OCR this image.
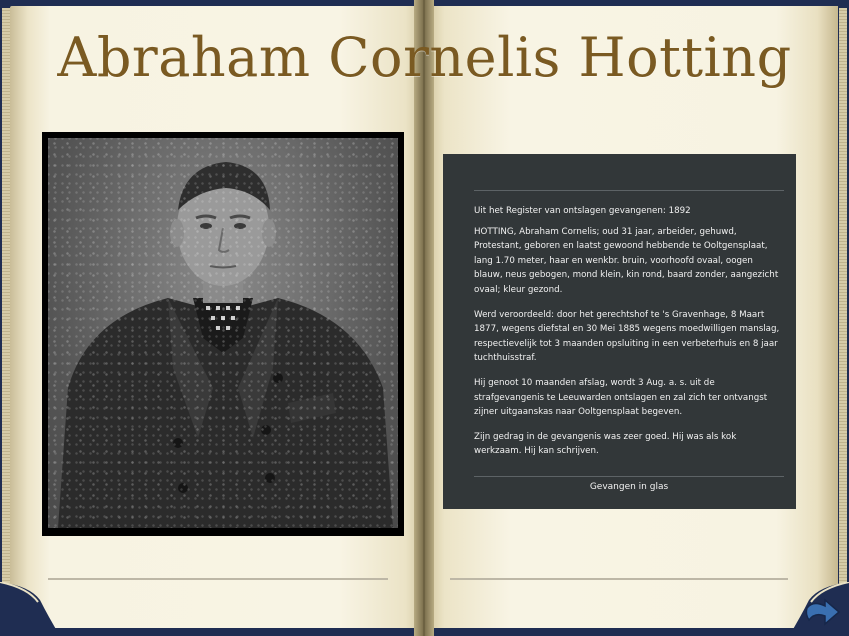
Abraham Cornelis Hotting

Uit het Register van ontslagen gevangenen: 1892

HOTTING, Abraham Cornelis; oud 31 jaar, arbeider, gehuwd, Protestant, geboren en laatst gewoond hebbende te Ooltgensplaat, lang 1.70 meter, haar en wenkbr. bruin, voorhoofd ovaal, oogen blauw, neus gebogen, mond klein, kin rond, baard zonder, aangezicht ovaal; kleur gezond.

Werd veroordeeld: door het gerechtshof te 's Gravenhage, 8 Maart 1877, wegens diefstal en 30 Mei 1885 wegens moedwilligen manslag, respectievelijk tot 3 maanden opsluiting in een verbeterhuis en 8 jaar tuchthuisstraf.

Hij genoot 10 maanden afslag, wordt 3 Aug. a. s. uit de strafgevangenis te Leeuwarden ontslagen en zal zich ter ontvangst zijner uitgaanskas naar Ooltgensplaat begeven.

Zijn gedrag in de gevangenis was zeer goed. Hij was als kok werkzaam. Hij kan schrijven.

Gevangen in glas
